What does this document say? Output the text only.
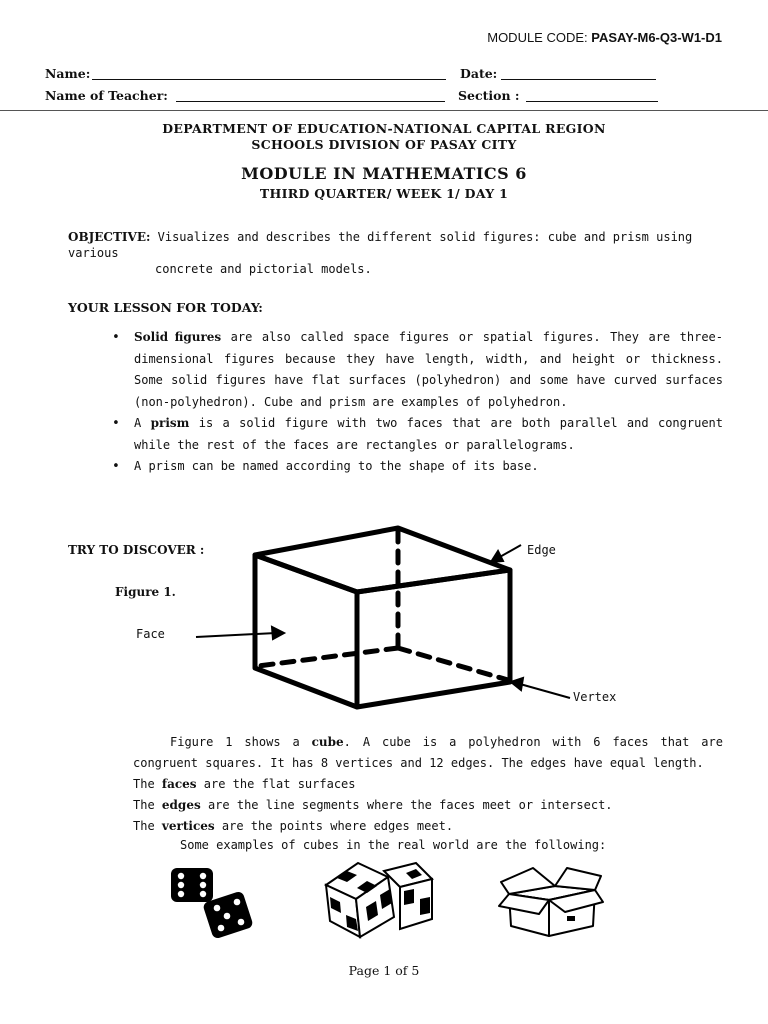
MODULE CODE: PASAY-M6-Q3-W1-D1
Name:	Date:
Name of Teacher:	Section :
DEPARTMENT OF EDUCATION-NATIONAL CAPITAL REGION
SCHOOLS DIVISION OF PASAY CITY
MODULE IN MATHEMATICS 6
THIRD QUARTER/ WEEK 1/ DAY 1
OBJECTIVE: Visualizes and describes the different solid figures: cube and prism using various
concrete and pictorial models.
YOUR LESSON FOR TODAY:
• Solid figures are also called space figures or spatial figures. They are three- dimensional figures because they have length, width, and height or thickness. Some solid figures have flat surfaces (polyhedron) and some have curved surfaces (non-polyhedron). Cube and prism are examples of polyhedron.
• A prism is a solid figure with two faces that are both parallel and congruent while the rest of the faces are rectangles or parallelograms.
• A prism can be named according to the shape of its base.
TRY TO DISCOVER :
Figure 1.
Face
Edge
Vertex

Figure 1 shows a cube. A cube is a polyhedron with 6 faces that are congruent squares. It has 8 vertices and 12 edges. The edges have equal length.

The faces are the flat surfaces

The edges are the line segments where the faces meet or intersect.

The vertices are the points where edges meet.

Some examples of cubes in the real world are the following:
Page 1 of 5
